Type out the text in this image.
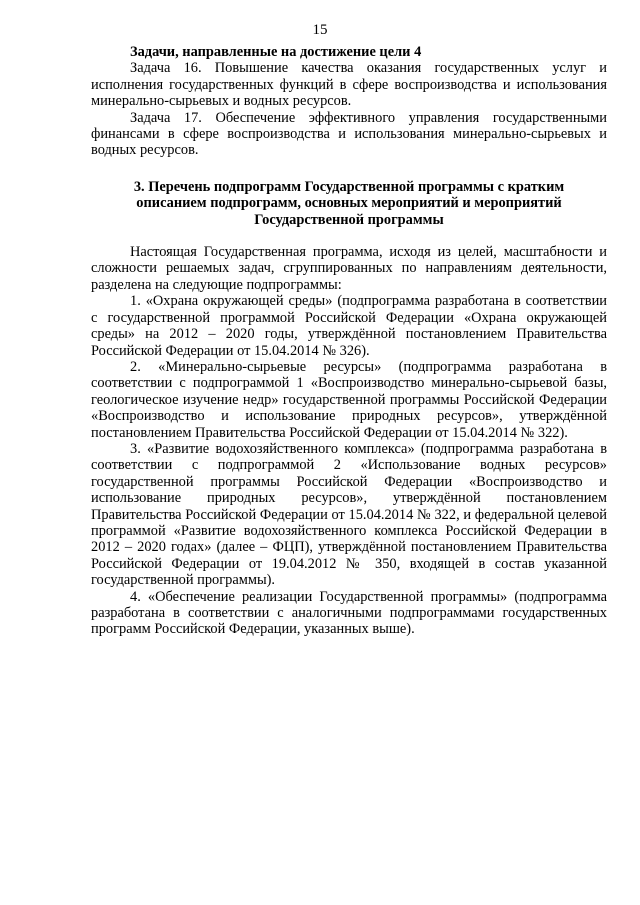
15

Задачи, направленные на достижение цели 4

Задача 16. Повышение качества оказания государственных услуг и исполнения государственных функций в сфере воспроизводства и использования минерально-сырьевых и водных ресурсов.

Задача 17. Обеспечение эффективного управления государственными финансами в сфере воспроизводства и использования минерально-сырьевых и водных ресурсов.

3. Перечень подпрограмм Государственной программы с кратким описанием подпрограмм, основных мероприятий и мероприятий Государственной программы

Настоящая Государственная программа, исходя из целей, масштабности и сложности решаемых задач, сгруппированных по направлениям деятельности, разделена на следующие подпрограммы:

1. «Охрана окружающей среды» (подпрограмма разработана в соответствии с государственной программой Российской Федерации «Охрана окружающей среды» на 2012 – 2020 годы, утверждённой постановлением Правительства Российской Федерации от 15.04.2014 № 326).

2. «Минерально-сырьевые ресурсы» (подпрограмма разработана в соответствии с подпрограммой 1 «Воспроизводство минерально-сырьевой базы, геологическое изучение недр» государственной программы Российской Федерации «Воспроизводство и использование природных ресурсов», утверждённой постановлением Правительства Российской Федерации от 15.04.2014 № 322).

3. «Развитие водохозяйственного комплекса» (подпрограмма разработана в соответствии с подпрограммой 2 «Использование водных ресурсов» государственной программы Российской Федерации «Воспроизводство и использование природных ресурсов», утверждённой постановлением Правительства Российской Федерации от 15.04.2014 № 322, и федеральной целевой программой «Развитие водохозяйственного комплекса Российской Федерации в 2012 – 2020 годах» (далее – ФЦП), утверждённой постановлением Правительства Российской Федерации от 19.04.2012 № 350, входящей в состав указанной государственной программы).

4. «Обеспечение реализации Государственной программы» (подпрограмма разработана в соответствии с аналогичными подпрограммами государственных программ Российской Федерации, указанных выше).
